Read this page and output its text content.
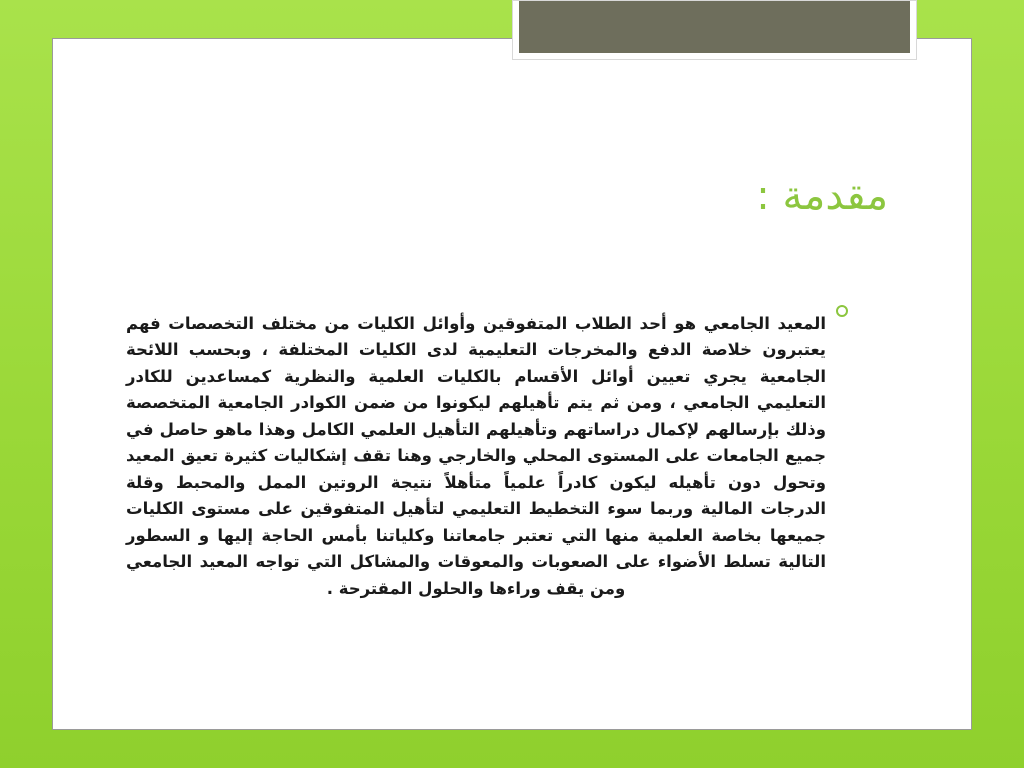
مقدمة :

المعيد الجامعي هو أحد الطلاب المتفوقين وأوائل الكليات من مختلف التخصصات فهم يعتبرون خلاصة الدفع والمخرجات التعليمية لدى الكليات المختلفة ، وبحسب اللائحة الجامعية يجري تعيين أوائل الأقسام بالكليات العلمية والنظرية كمساعدين للكادر التعليمي الجامعي ، ومن ثم يتم تأهيلهم ليكونوا من ضمن الكوادر الجامعية المتخصصة وذلك بإرسالهم لإكمال دراساتهم وتأهيلهم التأهيل العلمي الكامل وهذا ماهو حاصل في جميع الجامعات على المستوى المحلي والخارجي وهنا تقف إشكاليات كثيرة تعيق المعيد وتحول دون تأهيله ليكون كادراً علمياً متأهلاً نتيجة الروتين الممل والمحبط وقلة الدرجات المالية وربما سوء التخطيط التعليمي لتأهيل المتفوقين على مستوى الكليات جميعها بخاصة العلمية منها التي تعتبر جامعاتنا وكلياتنا بأمس الحاجة إليها و السطور التالية تسلط الأضواء على الصعوبات والمعوقات والمشاكل التي تواجه المعيد الجامعي ومن يقف وراءها والحلول المقترحة .
